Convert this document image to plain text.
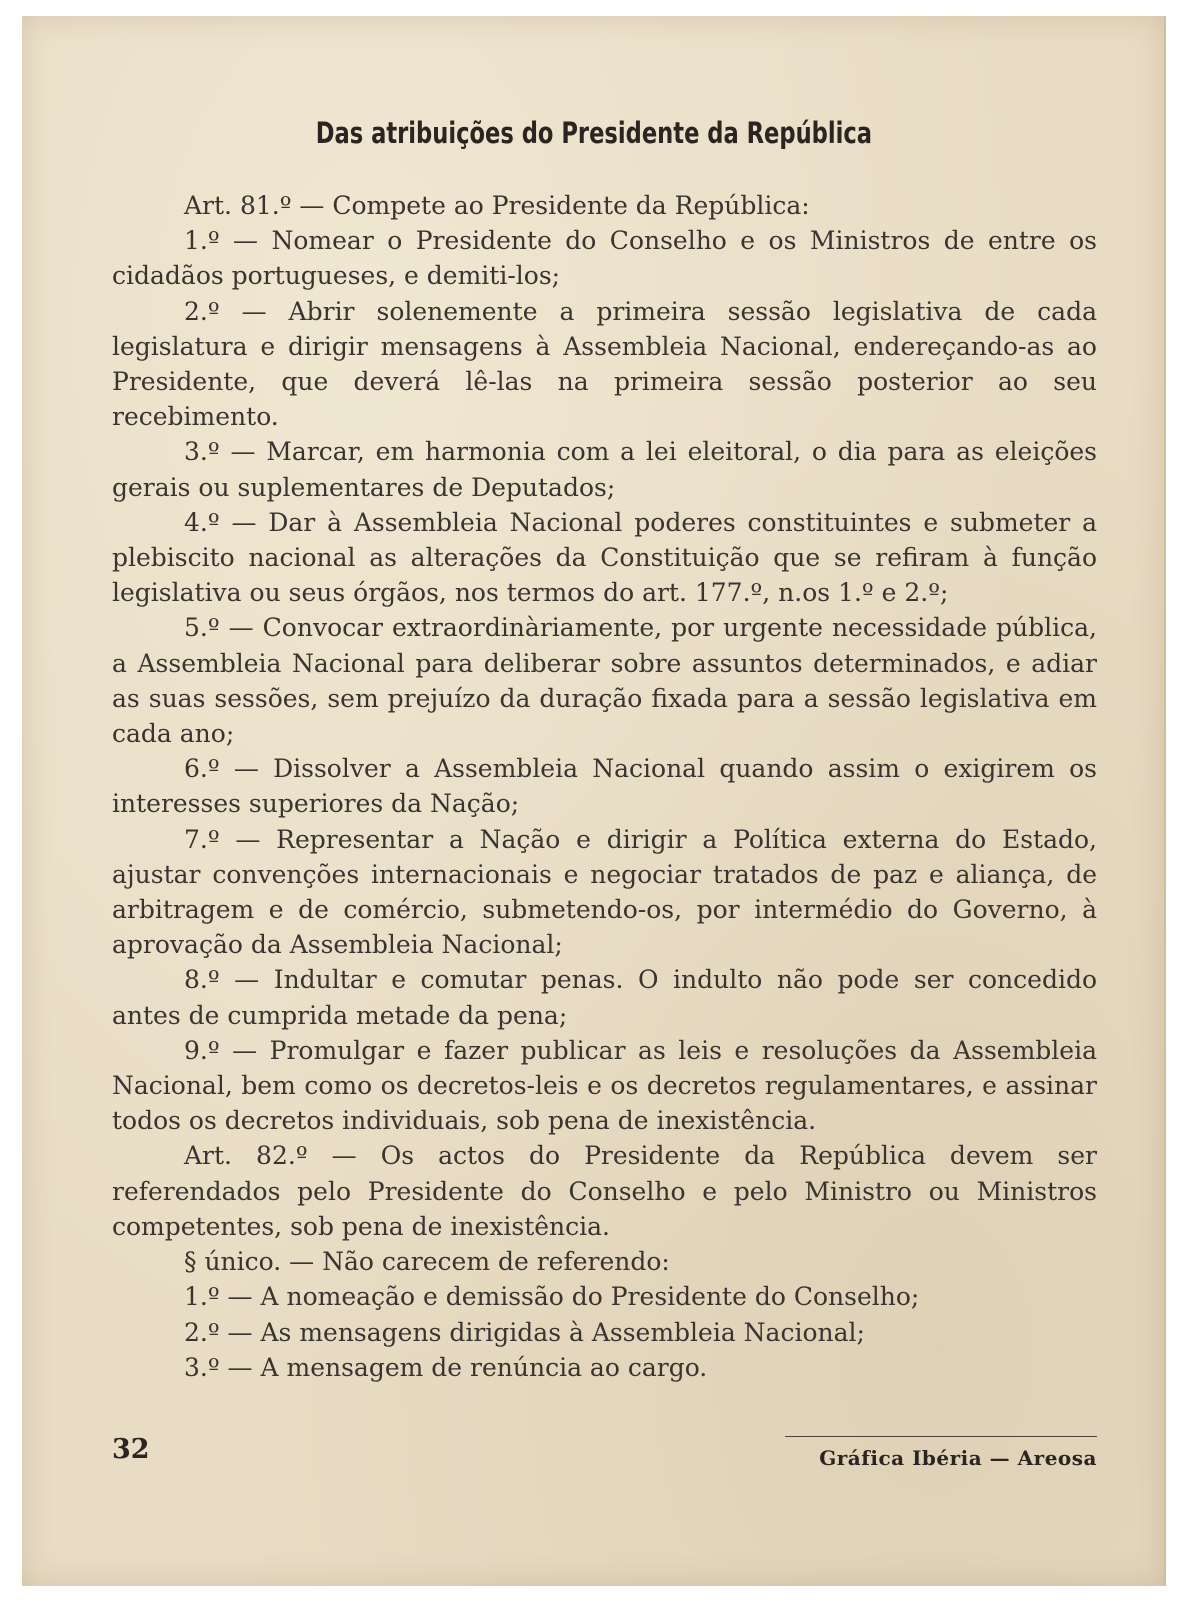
Das atribuições do Presidente da República

Art. 81.º — Compete ao Presidente da República:

1.º — Nomear o Presidente do Conselho e os Ministros de entre os cidadãos portugueses, e demiti-los;

2.º — Abrir solenemente a primeira sessão legislativa de cada legislatura e dirigir mensagens à Assembleia Nacional, endereçando-as ao Presidente, que deverá lê-las na primeira sessão posterior ao seu recebimento.

3.º — Marcar, em harmonia com a lei eleitoral, o dia para as eleições gerais ou suplementares de Deputados;

4.º — Dar à Assembleia Nacional poderes constituintes e submeter a plebiscito nacional as alterações da Constituição que se refiram à função legislativa ou seus órgãos, nos termos do art. 177.º, n.os 1.º e 2.º;

5.º — Convocar extraordinàriamente, por urgente necessidade pública, a Assembleia Nacional para deliberar sobre assuntos determinados, e adiar as suas sessões, sem prejuízo da duração fixada para a sessão legislativa em cada ano;

6.º — Dissolver a Assembleia Nacional quando assim o exigirem os interesses superiores da Nação;

7.º — Representar a Nação e dirigir a Política externa do Estado, ajustar convenções internacionais e negociar tratados de paz e aliança, de arbitragem e de comércio, submetendo-os, por intermédio do Governo, à aprovação da Assembleia Nacional;

8.º — Indultar e comutar penas. O indulto não pode ser concedido antes de cumprida metade da pena;

9.º — Promulgar e fazer publicar as leis e resoluções da Assembleia Nacional, bem como os decretos-leis e os decretos regulamentares, e assinar todos os decretos individuais, sob pena de inexistência.

Art. 82.º — Os actos do Presidente da República devem ser referendados pelo Presidente do Conselho e pelo Ministro ou Ministros competentes, sob pena de inexistência.

§ único. — Não carecem de referendo:

1.º — A nomeação e demissão do Presidente do Conselho;

2.º — As mensagens dirigidas à Assembleia Nacional;

3.º — A mensagem de renúncia ao cargo.

32	Gráfica Ibéria — Areosa
